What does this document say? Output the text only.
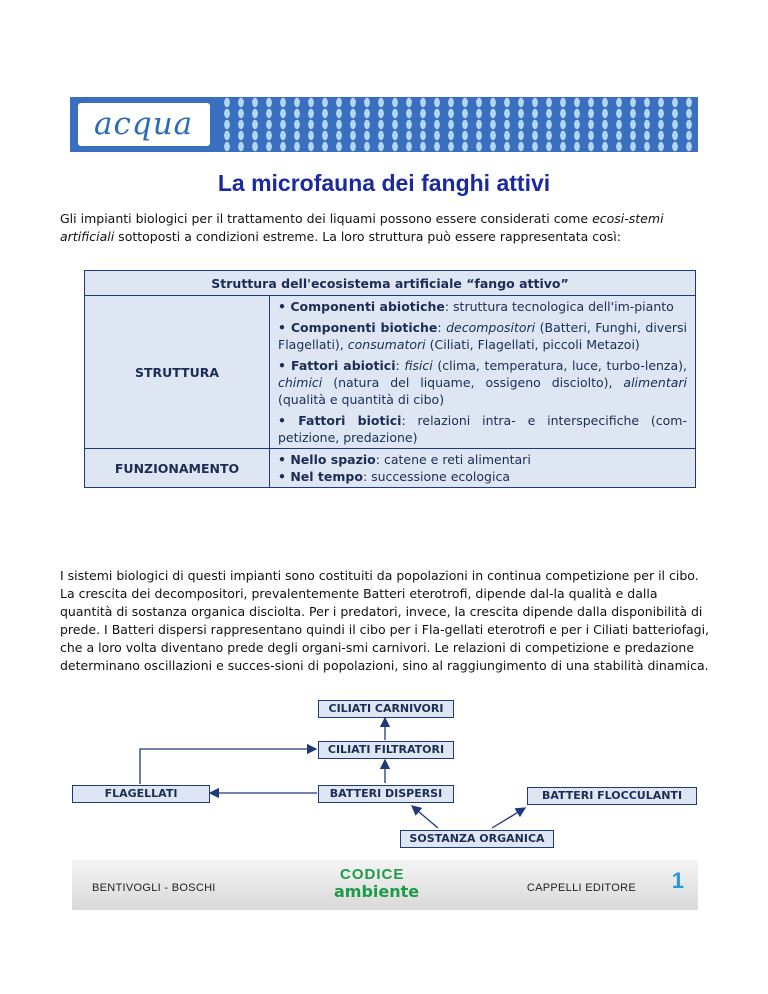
acqua
La microfauna dei fanghi attivi
Gli impianti biologici per il trattamento dei liquami possono essere considerati come ecosi-stemi artificiali sottoposti a condizioni estreme. La loro struttura può essere rappresentata così:
Struttura dell'ecosistema artificiale “fango attivo”	
STRUTTURA	• Componenti abiotiche: struttura tecnologica dell'im-pianto

• Componenti biotiche: decompositori (Batteri, Funghi, diversi Flagellati), consumatori (Ciliati, Flagellati, piccoli Metazoi)

• Fattori abiotici: fisici (clima, temperatura, luce, turbo-lenza), chimici (natura del liquame, ossigeno disciolto), alimentari (qualità e quantità di cibo)

• Fattori biotici: relazioni intra- e interspecifiche (com-petizione, predazione)

FUNZIONAMENTO	• Nello spazio: catene e reti alimentari
• Nel tempo: successione ecologica
I sistemi biologici di questi impianti sono costituiti da popolazioni in continua competizione per il cibo. La crescita dei decompositori, prevalentemente Batteri eterotrofi, dipende dal-la qualità e dalla quantità di sostanza organica disciolta. Per i predatori, invece, la crescita dipende dalla disponibilità di prede. I Batteri dispersi rappresentano quindi il cibo per i Fla-gellati eterotrofi e per i Ciliati batteriofagi, che a loro volta diventano prede degli organi-smi carnivori. Le relazioni di competizione e predazione determinano oscillazioni e succes-sioni di popolazioni, sino al raggiungimento di una stabilità dinamica.
CILIATI CARNIVORI
CILIATI FILTRATORI
FLAGELLATI	BATTERI DISPERSI	BATTERI FLOCCULANTI
SOSTANZA ORGANICA
BENTIVOGLI - BOSCHI
CODICE
ambiente	CAPPELLI EDITORE 1
